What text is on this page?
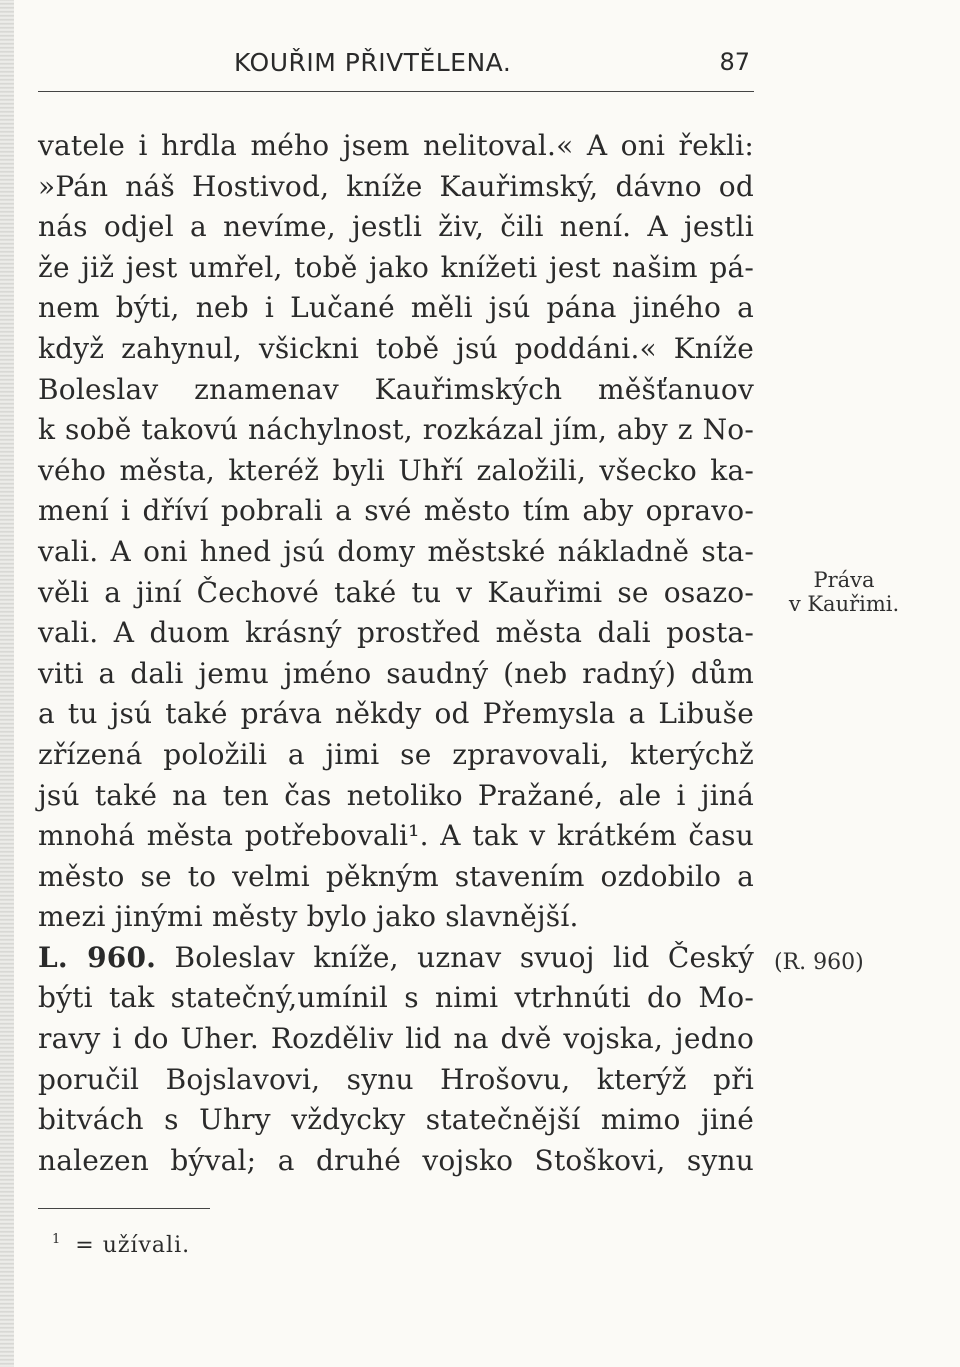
KOUŘIM PŘIVTĚLENA.	87
vatele i hrdla mého jsem nelitoval.« A oni řekli:
»Pán náš Hostivod, kníže Kauřimský, dávno od
nás odjel a nevíme, jestli živ, čili není. A jestli
že již jest umřel, tobě jako knížeti jest našim pá-
nem býti, neb i Lučané měli jsú pána jiného a
když zahynul, všickni tobě jsú poddáni.« Kníže
Boleslav znamenav Kauřimských měšťanuov
k sobě takovú náchylnost, rozkázal jím, aby z No-
vého města, kteréž byli Uhří založili, všecko ka-
mení i dříví pobrali a své město tím aby opravo-
vali. A oni hned jsú domy městské nákladně sta-
věli a jiní Čechové také tu v Kauřimi se osazo-
vali. A duom krásný prostřed města dali posta-
viti a dali jemu jméno saudný (neb radný) dům
a tu jsú také práva někdy od Přemysla a Libuše
zřízená položili a jimi se zpravovali, kterýchž
jsú také na ten čas netoliko Pražané, ale i jiná
mnohá města potřebovali¹. A tak v krátkém času
město se to velmi pěkným stavením ozdobilo a
mezi jinými městy bylo jako slavnější.
L. 960. Boleslav kníže, uznav svuoj lid Český
býti tak statečný,umínil s nimi vtrhnúti do Mo-
ravy i do Uher. Rozděliv lid na dvě vojska, jedno
poručil Bojslavovi, synu Hrošovu, kterýž při
bitvách s Uhry vždycky statečnější mimo jiné
nalezen býval; a druhé vojsko Stoškovi, synu
Práva
v Kauřimi.
(R. 960)
$^1$ = užívali.
